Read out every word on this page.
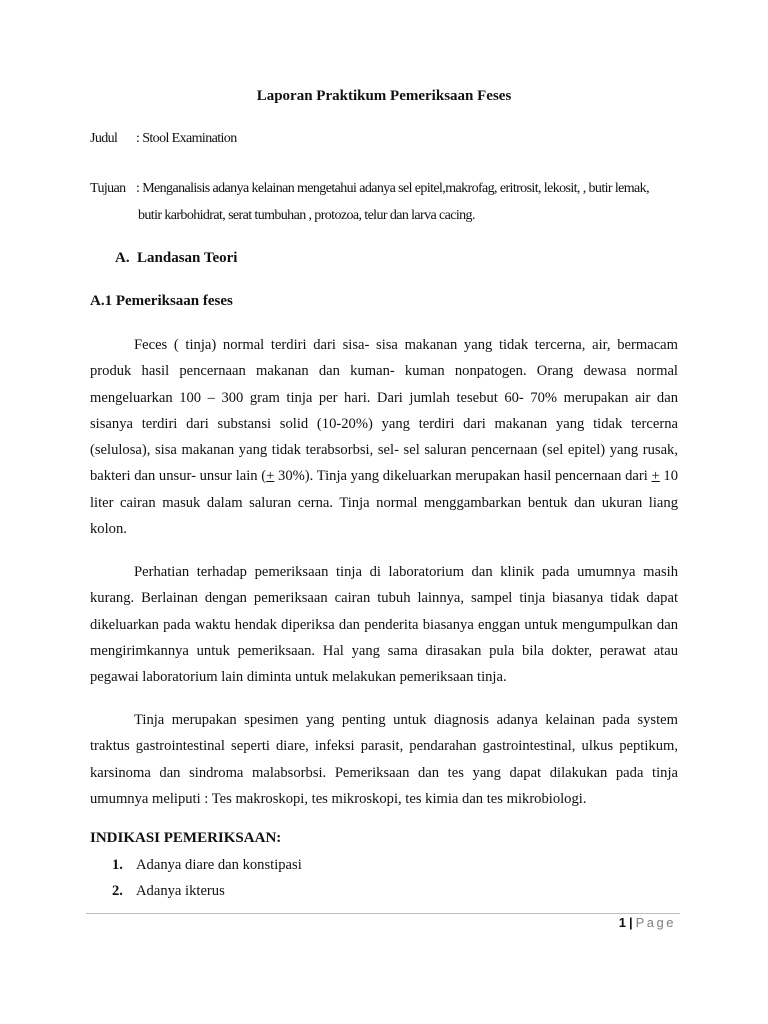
Laporan Praktikum Pemeriksaan Feses
Judul : Stool Examination
Tujuan : Menganalisis adanya kelainan mengetahui adanya sel epitel,makrofag, eritrosit, lekosit, , butir lemak,
butir karbohidrat, serat tumbuhan , protozoa, telur dan larva cacing.
A. Landasan Teori
A.1 Pemeriksaan feses

Feces ( tinja) normal terdiri dari sisa- sisa makanan yang tidak tercerna, air, bermacam produk hasil pencernaan makanan dan kuman- kuman nonpatogen. Orang dewasa normal mengeluarkan 100 – 300 gram tinja per hari. Dari jumlah tesebut 60- 70% merupakan air dan sisanya terdiri dari substansi solid (10-20%) yang terdiri dari makanan yang tidak tercerna (selulosa), sisa makanan yang tidak terabsorbsi, sel- sel saluran pencernaan (sel epitel) yang rusak, bakteri dan unsur- unsur lain (+ 30%). Tinja yang dikeluarkan merupakan hasil pencernaan dari + 10 liter cairan masuk dalam saluran cerna. Tinja normal menggambarkan bentuk dan ukuran liang kolon.

Perhatian terhadap pemeriksaan tinja di laboratorium dan klinik pada umumnya masih kurang. Berlainan dengan pemeriksaan cairan tubuh lainnya, sampel tinja biasanya tidak dapat dikeluarkan pada waktu hendak diperiksa dan penderita biasanya enggan untuk mengumpulkan dan mengirimkannya untuk pemeriksaan. Hal yang sama dirasakan pula bila dokter, perawat atau pegawai laboratorium lain diminta untuk melakukan pemeriksaan tinja.

Tinja merupakan spesimen yang penting untuk diagnosis adanya kelainan pada system traktus gastrointestinal seperti diare, infeksi parasit, pendarahan gastrointestinal, ulkus peptikum, karsinoma dan sindroma malabsorbsi. Pemeriksaan dan tes yang dapat dilakukan pada tinja umumnya meliputi : Tes makroskopi, tes mikroskopi, tes kimia dan tes mikrobiologi.

INDIKASI PEMERIKSAAN:
1. Adanya diare dan konstipasi
2. Adanya ikterus
1 | Page
